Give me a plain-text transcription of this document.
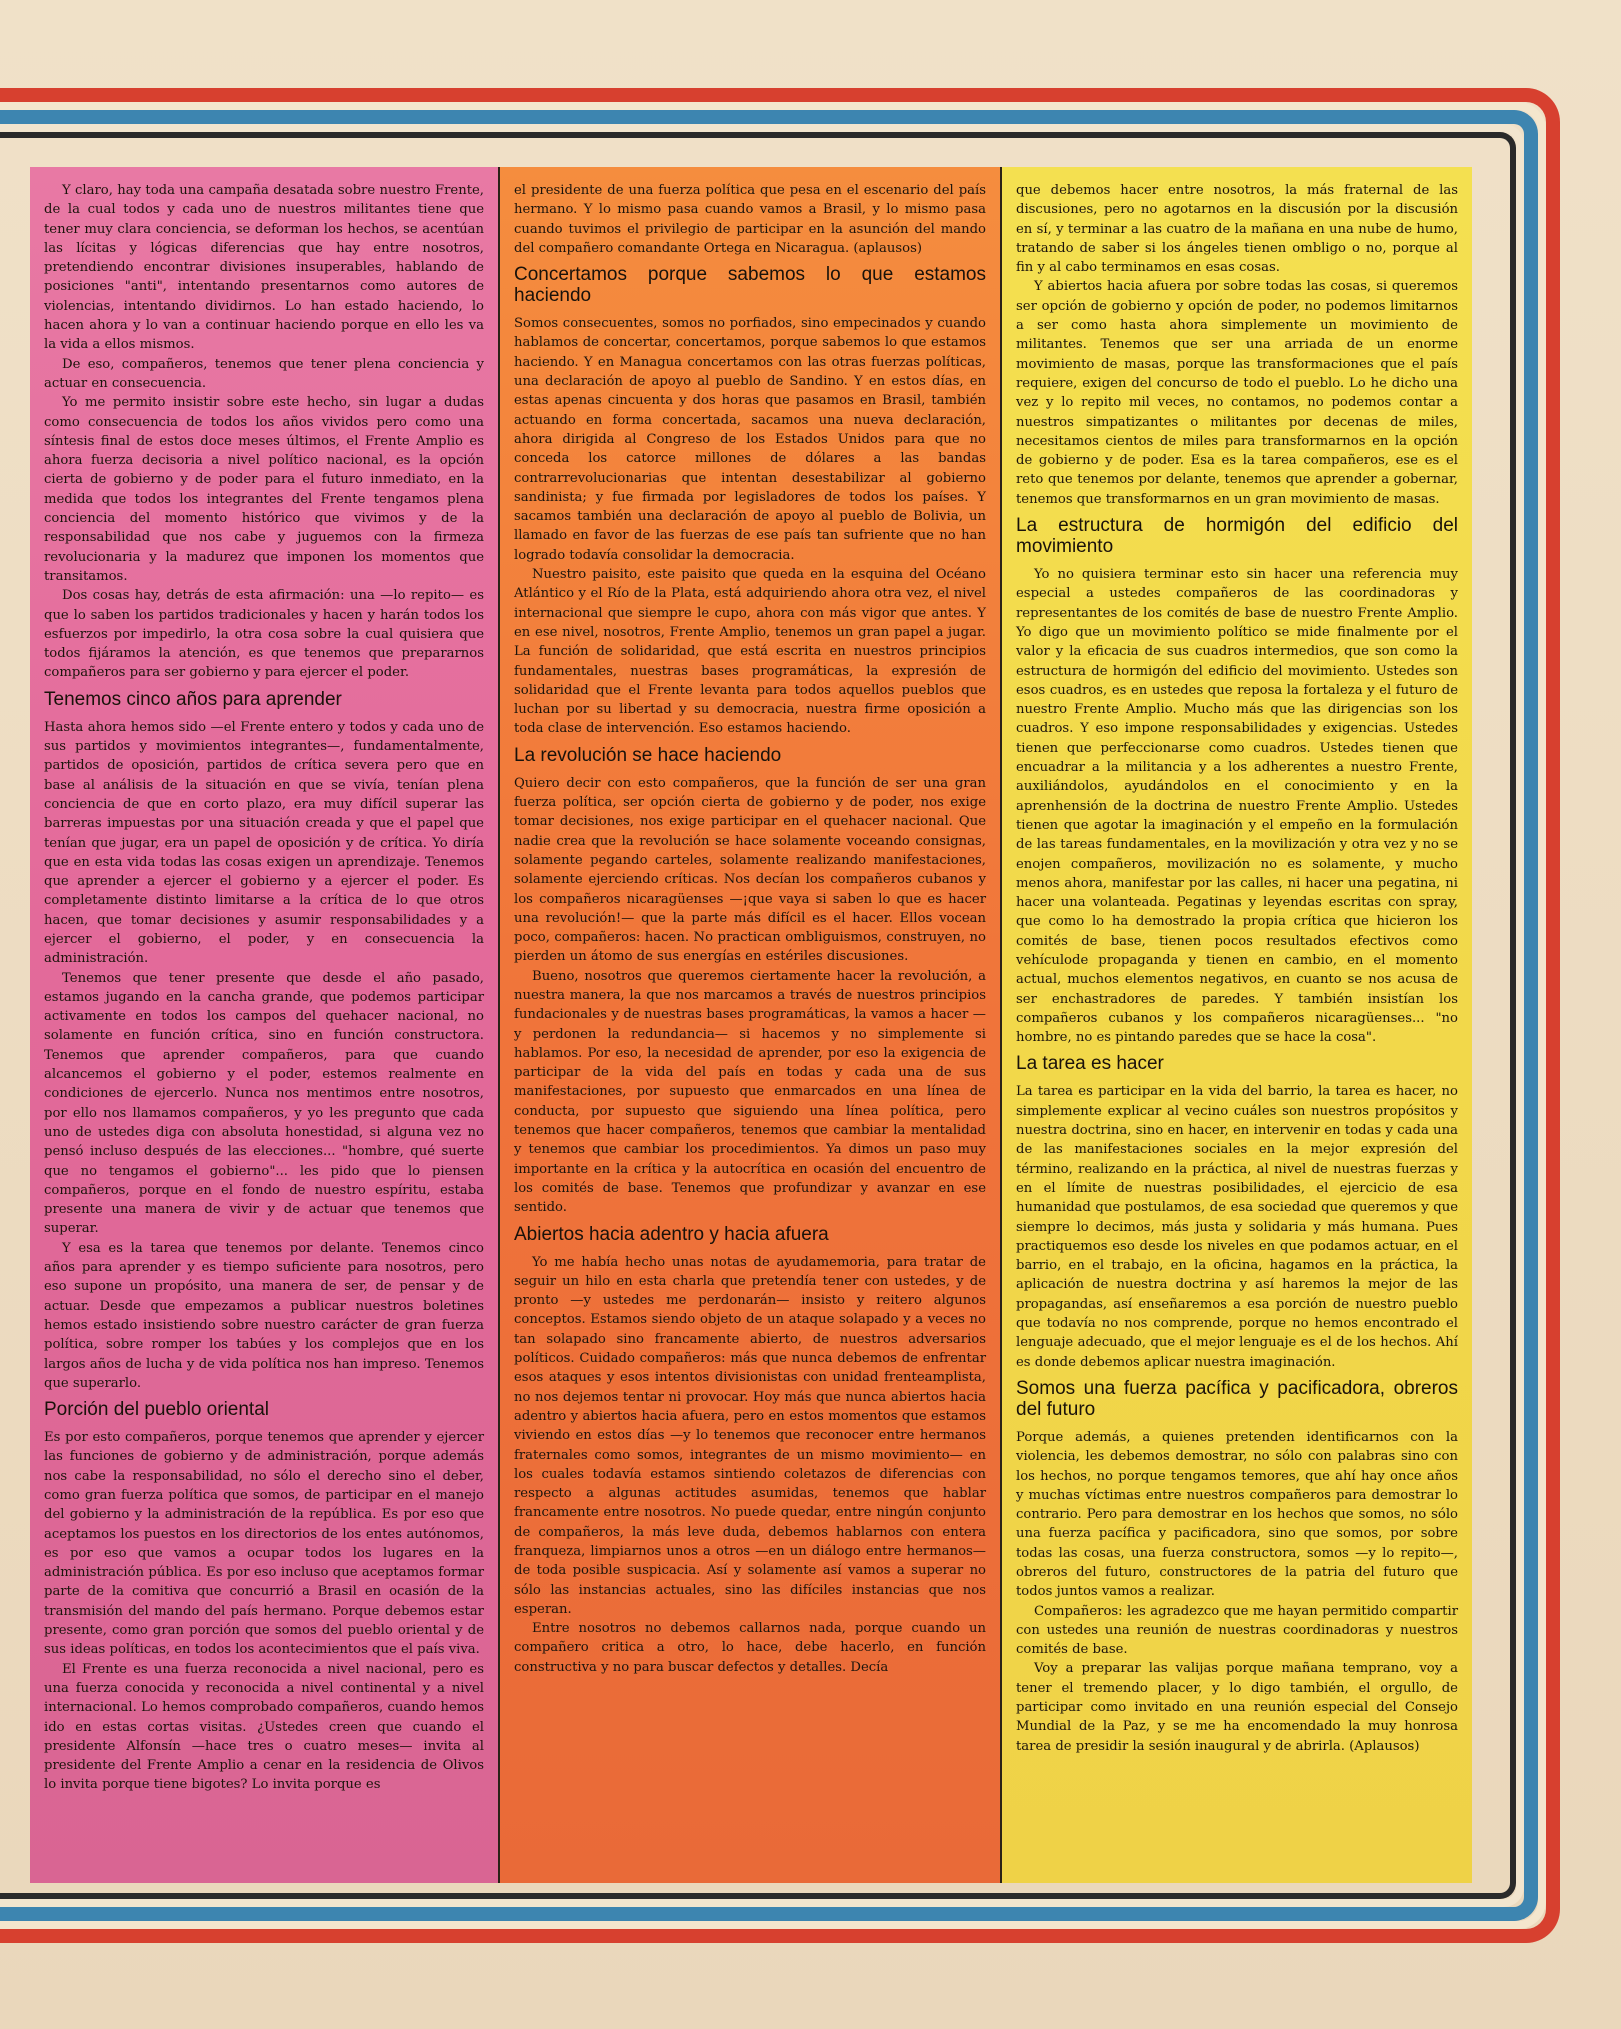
Y claro, hay toda una campaña desatada sobre nuestro Frente, de la cual todos y cada uno de nuestros militantes tiene que tener muy clara conciencia, se deforman los hechos, se acentúan las lícitas y lógicas diferencias que hay entre nosotros, pretendiendo encontrar divisiones insuperables, hablando de posiciones "anti", intentando presentarnos como autores de violencias, intentando dividirnos. Lo han estado haciendo, lo hacen ahora y lo van a continuar haciendo porque en ello les va la vida a ellos mismos.

De eso, compañeros, tenemos que tener plena conciencia y actuar en consecuencia.

Yo me permito insistir sobre este hecho, sin lugar a dudas como consecuencia de todos los años vividos pero como una síntesis final de estos doce meses últimos, el Frente Amplio es ahora fuerza decisoria a nivel político nacional, es la opción cierta de gobierno y de poder para el futuro inmediato, en la medida que todos los integrantes del Frente tengamos plena conciencia del momento histórico que vivimos y de la responsabilidad que nos cabe y juguemos con la firmeza revolucionaria y la madurez que imponen los momentos que transitamos.

Dos cosas hay, detrás de esta afirmación: una —lo repito— es que lo saben los partidos tradicionales y hacen y harán todos los esfuerzos por impedirlo, la otra cosa sobre la cual quisiera que todos fijáramos la atención, es que tenemos que prepararnos compañeros para ser gobierno y para ejercer el poder.

Tenemos cinco años para aprender

Hasta ahora hemos sido —el Frente entero y todos y cada uno de sus partidos y movimientos integrantes—, fundamentalmente, partidos de oposición, partidos de crítica severa pero que en base al análisis de la situación en que se vivía, tenían plena conciencia de que en corto plazo, era muy difícil superar las barreras impuestas por una situación creada y que el papel que tenían que jugar, era un papel de oposición y de crítica. Yo diría que en esta vida todas las cosas exigen un aprendizaje. Tenemos que aprender a ejercer el gobierno y a ejercer el poder. Es completamente distinto limitarse a la crítica de lo que otros hacen, que tomar decisiones y asumir responsabilidades y a ejercer el gobierno, el poder, y en consecuencia la administración.

Tenemos que tener presente que desde el año pasado, estamos jugando en la cancha grande, que podemos participar activamente en todos los campos del quehacer nacional, no solamente en función crítica, sino en función constructora. Tenemos que aprender compañeros, para que cuando alcancemos el gobierno y el poder, estemos realmente en condiciones de ejercerlo. Nunca nos mentimos entre nosotros, por ello nos llamamos compañeros, y yo les pregunto que cada uno de ustedes diga con absoluta honestidad, si alguna vez no pensó incluso después de las elecciones... "hombre, qué suerte que no tengamos el gobierno"... les pido que lo piensen compañeros, porque en el fondo de nuestro espíritu, estaba presente una manera de vivir y de actuar que tenemos que superar.

Y esa es la tarea que tenemos por delante. Tenemos cinco años para aprender y es tiempo suficiente para nosotros, pero eso supone un propósito, una manera de ser, de pensar y de actuar. Desde que empezamos a publicar nuestros boletines hemos estado insistiendo sobre nuestro carácter de gran fuerza política, sobre romper los tabúes y los complejos que en los largos años de lucha y de vida política nos han impreso. Tenemos que superarlo.

Porción del pueblo oriental

Es por esto compañeros, porque tenemos que aprender y ejercer las funciones de gobierno y de administración, porque además nos cabe la responsabilidad, no sólo el derecho sino el deber, como gran fuerza política que somos, de participar en el manejo del gobierno y la administración de la república. Es por eso que aceptamos los puestos en los directorios de los entes autónomos, es por eso que vamos a ocupar todos los lugares en la administración pública. Es por eso incluso que aceptamos formar parte de la comitiva que concurrió a Brasil en ocasión de la transmisión del mando del país hermano. Porque debemos estar presente, como gran porción que somos del pueblo oriental y de sus ideas políticas, en todos los acontecimientos que el país viva.

El Frente es una fuerza reconocida a nivel nacional, pero es una fuerza conocida y reconocida a nivel continental y a nivel internacional. Lo hemos comprobado compañeros, cuando hemos ido en estas cortas visitas. ¿Ustedes creen que cuando el presidente Alfonsín —hace tres o cuatro meses— invita al presidente del Frente Amplio a cenar en la residencia de Olivos lo invita porque tiene bigotes? Lo invita porque es

el presidente de una fuerza política que pesa en el escenario del país hermano. Y lo mismo pasa cuando vamos a Brasil, y lo mismo pasa cuando tuvimos el privilegio de participar en la asunción del mando del compañero comandante Ortega en Nicaragua. (aplausos)

Concertamos porque sabemos lo que estamos haciendo

Somos consecuentes, somos no porfiados, sino empecinados y cuando hablamos de concertar, concertamos, porque sabemos lo que estamos haciendo. Y en Managua concertamos con las otras fuerzas políticas, una declaración de apoyo al pueblo de Sandino. Y en estos días, en estas apenas cincuenta y dos horas que pasamos en Brasil, también actuando en forma concertada, sacamos una nueva declaración, ahora dirigida al Congreso de los Estados Unidos para que no conceda los catorce millones de dólares a las bandas contrarrevolucionarias que intentan desestabilizar al gobierno sandinista; y fue firmada por legisladores de todos los países. Y sacamos también una declaración de apoyo al pueblo de Bolivia, un llamado en favor de las fuerzas de ese país tan sufriente que no han logrado todavía consolidar la democracia.

Nuestro paisito, este paisito que queda en la esquina del Océano Atlántico y el Río de la Plata, está adquiriendo ahora otra vez, el nivel internacional que siempre le cupo, ahora con más vigor que antes. Y en ese nivel, nosotros, Frente Amplio, tenemos un gran papel a jugar. La función de solidaridad, que está escrita en nuestros principios fundamentales, nuestras bases programáticas, la expresión de solidaridad que el Frente levanta para todos aquellos pueblos que luchan por su libertad y su democracia, nuestra firme oposición a toda clase de intervención. Eso estamos haciendo.

La revolución se hace haciendo

Quiero decir con esto compañeros, que la función de ser una gran fuerza política, ser opción cierta de gobierno y de poder, nos exige tomar decisiones, nos exige participar en el quehacer nacional. Que nadie crea que la revolución se hace solamente voceando consignas, solamente pegando carteles, solamente realizando manifestaciones, solamente ejerciendo críticas. Nos decían los compañeros cubanos y los compañeros nicaragüenses —¡que vaya si saben lo que es hacer una revolución!— que la parte más difícil es el hacer. Ellos vocean poco, compañeros: hacen. No practican ombliguismos, construyen, no pierden un átomo de sus energías en estériles discusiones.

Bueno, nosotros que queremos ciertamente hacer la revolución, a nuestra manera, la que nos marcamos a través de nuestros principios fundacionales y de nuestras bases programáticas, la vamos a hacer —y perdonen la redundancia— si hacemos y no simplemente si hablamos. Por eso, la necesidad de aprender, por eso la exigencia de participar de la vida del país en todas y cada una de sus manifestaciones, por supuesto que enmarcados en una línea de conducta, por supuesto que siguiendo una línea política, pero tenemos que hacer compañeros, tenemos que cambiar la mentalidad y tenemos que cambiar los procedimientos. Ya dimos un paso muy importante en la crítica y la autocrítica en ocasión del encuentro de los comités de base. Tenemos que profundizar y avanzar en ese sentido.

Abiertos hacia adentro y hacia afuera

Yo me había hecho unas notas de ayudamemoria, para tratar de seguir un hilo en esta charla que pretendía tener con ustedes, y de pronto —y ustedes me perdonarán— insisto y reitero algunos conceptos. Estamos siendo objeto de un ataque solapado y a veces no tan solapado sino francamente abierto, de nuestros adversarios políticos. Cuidado compañeros: más que nunca debemos de enfrentar esos ataques y esos intentos divisionistas con unidad frenteamplista, no nos dejemos tentar ni provocar. Hoy más que nunca abiertos hacia adentro y abiertos hacia afuera, pero en estos momentos que estamos viviendo en estos días —y lo tenemos que reconocer entre hermanos fraternales como somos, integrantes de un mismo movimiento— en los cuales todavía estamos sintiendo coletazos de diferencias con respecto a algunas actitudes asumidas, tenemos que hablar francamente entre nosotros. No puede quedar, entre ningún conjunto de compañeros, la más leve duda, debemos hablarnos con entera franqueza, limpiarnos unos a otros —en un diálogo entre hermanos— de toda posible suspicacia. Así y solamente así vamos a superar no sólo las instancias actuales, sino las difíciles instancias que nos esperan.

Entre nosotros no debemos callarnos nada, porque cuando un compañero critica a otro, lo hace, debe hacerlo, en función constructiva y no para buscar defectos y detalles. Decía

que debemos hacer entre nosotros, la más fraternal de las discusiones, pero no agotarnos en la discusión por la discusión en sí, y terminar a las cuatro de la mañana en una nube de humo, tratando de saber si los ángeles tienen ombligo o no, porque al fin y al cabo terminamos en esas cosas.

Y abiertos hacia afuera por sobre todas las cosas, si queremos ser opción de gobierno y opción de poder, no podemos limitarnos a ser como hasta ahora simplemente un movimiento de militantes. Tenemos que ser una arriada de un enorme movimiento de masas, porque las transformaciones que el país requiere, exigen del concurso de todo el pueblo. Lo he dicho una vez y lo repito mil veces, no contamos, no podemos contar a nuestros simpatizantes o militantes por decenas de miles, necesitamos cientos de miles para transformarnos en la opción de gobierno y de poder. Esa es la tarea compañeros, ese es el reto que tenemos por delante, tenemos que aprender a gobernar, tenemos que transformarnos en un gran movimiento de masas.

La estructura de hormigón del edificio del movimiento

Yo no quisiera terminar esto sin hacer una referencia muy especial a ustedes compañeros de las coordinadoras y representantes de los comités de base de nuestro Frente Amplio. Yo digo que un movimiento político se mide finalmente por el valor y la eficacia de sus cuadros intermedios, que son como la estructura de hormigón del edificio del movimiento. Ustedes son esos cuadros, es en ustedes que reposa la fortaleza y el futuro de nuestro Frente Amplio. Mucho más que las dirigencias son los cuadros. Y eso impone responsabilidades y exigencias. Ustedes tienen que perfeccionarse como cuadros. Ustedes tienen que encuadrar a la militancia y a los adherentes a nuestro Frente, auxiliándolos, ayudándolos en el conocimiento y en la aprenhensión de la doctrina de nuestro Frente Amplio. Ustedes tienen que agotar la imaginación y el empeño en la formulación de las tareas fundamentales, en la movilización y otra vez y no se enojen compañeros, movilización no es solamente, y mucho menos ahora, manifestar por las calles, ni hacer una pegatina, ni hacer una volanteada. Pegatinas y leyendas escritas con spray, que como lo ha demostrado la propia crítica que hicieron los comités de base, tienen pocos resultados efectivos como vehículode propaganda y tienen en cambio, en el momento actual, muchos elementos negativos, en cuanto se nos acusa de ser enchastradores de paredes. Y también insistían los compañeros cubanos y los compañeros nicaragüenses... "no hombre, no es pintando paredes que se hace la cosa".

La tarea es hacer

La tarea es participar en la vida del barrio, la tarea es hacer, no simplemente explicar al vecino cuáles son nuestros propósitos y nuestra doctrina, sino en hacer, en intervenir en todas y cada una de las manifestaciones sociales en la mejor expresión del término, realizando en la práctica, al nivel de nuestras fuerzas y en el límite de nuestras posibilidades, el ejercicio de esa humanidad que postulamos, de esa sociedad que queremos y que siempre lo decimos, más justa y solidaria y más humana. Pues practiquemos eso desde los niveles en que podamos actuar, en el barrio, en el trabajo, en la oficina, hagamos en la práctica, la aplicación de nuestra doctrina y así haremos la mejor de las propagandas, así enseñaremos a esa porción de nuestro pueblo que todavía no nos comprende, porque no hemos encontrado el lenguaje adecuado, que el mejor lenguaje es el de los hechos. Ahí es donde debemos aplicar nuestra imaginación.

Somos una fuerza pacífica y pacificadora, obreros del futuro

Porque además, a quienes pretenden identificarnos con la violencia, les debemos demostrar, no sólo con palabras sino con los hechos, no porque tengamos temores, que ahí hay once años y muchas víctimas entre nuestros compañeros para demostrar lo contrario. Pero para demostrar en los hechos que somos, no sólo una fuerza pacífica y pacificadora, sino que somos, por sobre todas las cosas, una fuerza constructora, somos —y lo repito—, obreros del futuro, constructores de la patria del futuro que todos juntos vamos a realizar.

Compañeros: les agradezco que me hayan permitido compartir con ustedes una reunión de nuestras coordinadoras y nuestros comités de base.

Voy a preparar las valijas porque mañana temprano, voy a tener el tremendo placer, y lo digo también, el orgullo, de participar como invitado en una reunión especial del Consejo Mundial de la Paz, y se me ha encomendado la muy honrosa tarea de presidir la sesión inaugural y de abrirla. (Aplausos)
